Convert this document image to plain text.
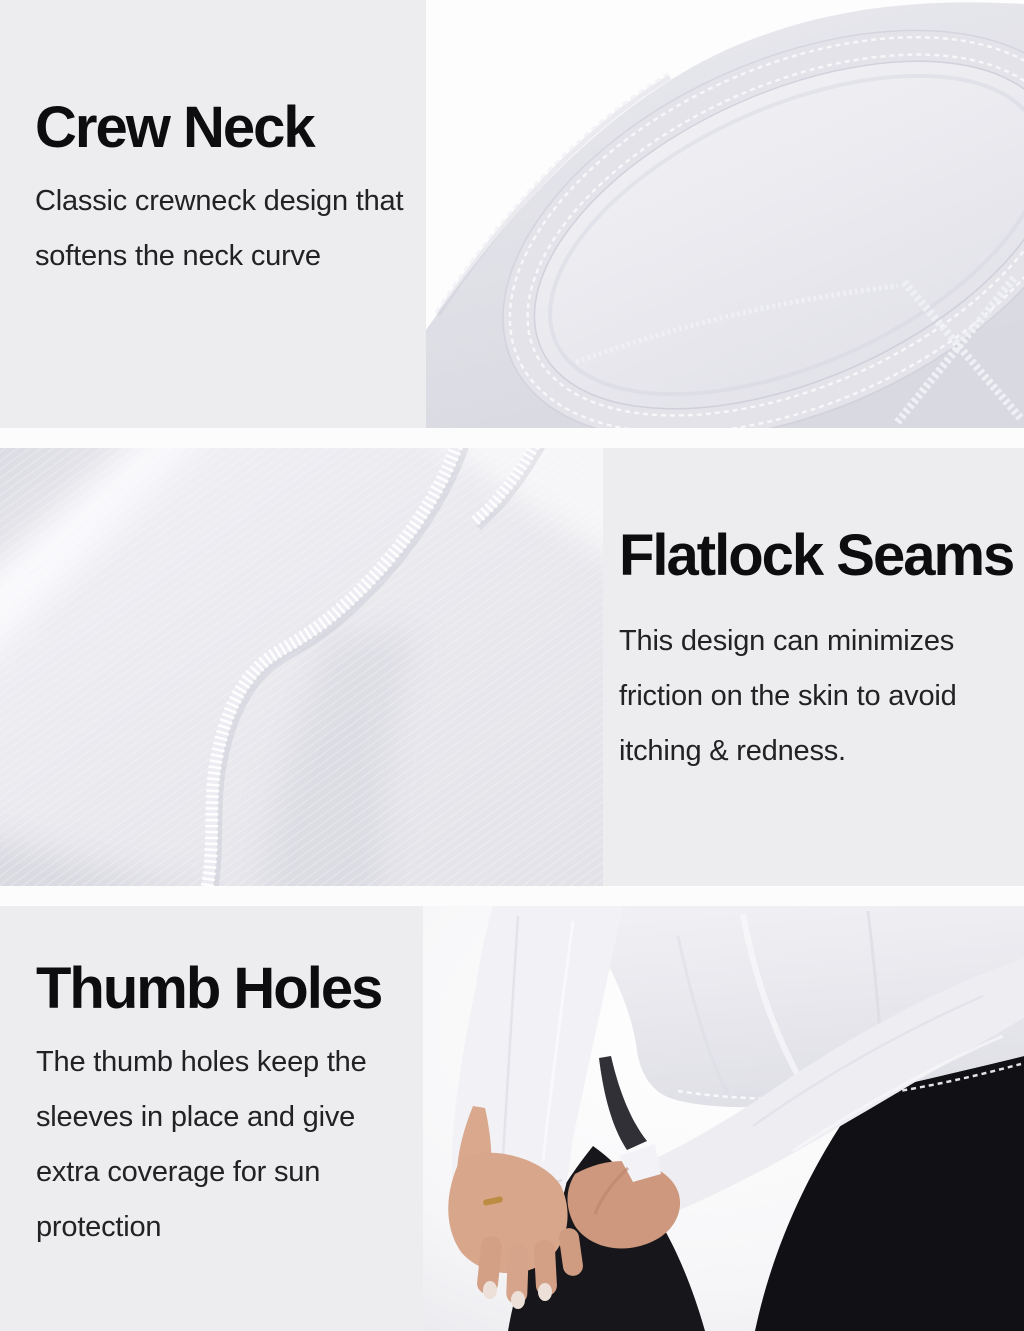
Crew Neck

Classic crewneck design that
softens the neck curve

Flatlock Seams

This design can minimizes
friction on the skin to avoid
itching & redness.

Thumb Holes

The thumb holes keep the
sleeves in place and give
extra coverage for sun
protection
